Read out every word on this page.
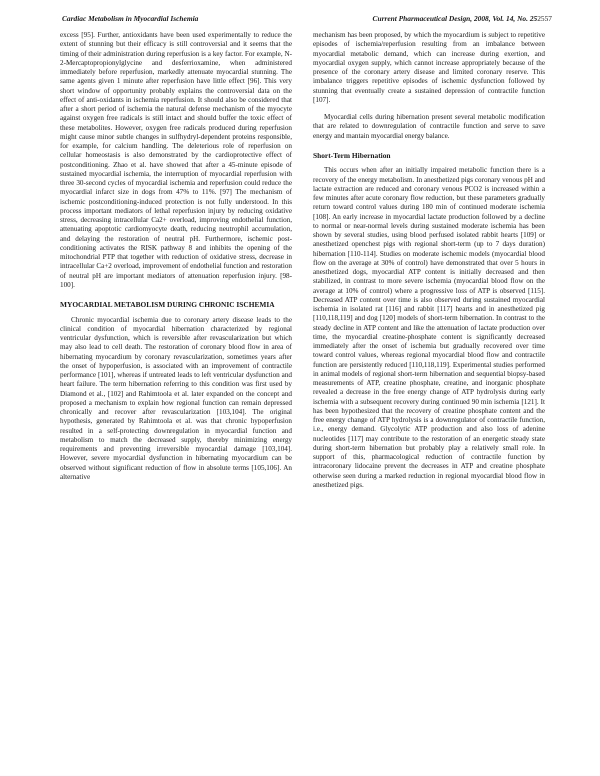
Cardiac Metabolism in Myocardial Ischemia	Current Pharmaceutical Design, 2008, Vol. 14, No. 252557

excess [95]. Further, antioxidants have been used experimentally to reduce the extent of stunning but their efficacy is still controversial and it seems that the timing of their administration during reperfusion is a key factor. For example, N-2-Mercaptopropionylglycine and desferrioxamine, when administered immediately before reperfusion, markedly attenuate myocardial stunning. The same agents given 1 minute after reperfusion have little effect [96]. This very short window of opportunity probably explains the controversial data on the effect of anti-oxidants in ischemia reperfusion. It should also be considered that after a short period of ischemia the natural defense mechanism of the myocyte against oxygen free radicals is still intact and should buffer the toxic effect of these metabolites. However, oxygen free radicals produced during reperfusion might cause minor subtle changes in sulfhydryl-dependent proteins responsible, for example, for calcium handling. The deleterious role of reperfusion on cellular homeostasis is also demonstrated by the cardioprotective effect of postconditioning. Zhao et al. have showed that after a 45-minute episode of sustained myocardial ischemia, the interruption of myocardial reperfusion with three 30-second cycles of myocardial ischemia and reperfusion could reduce the myocardial infarct size in dogs from 47% to 11%. [97] The mechanism of ischemic postconditioning-induced protection is not fully understood. In this process important mediators of lethal reperfusion injury by reducing oxidative stress, decreasing intracellular Ca2+ overload, improving endothelial function, attenuating apoptotic cardiomyocyte death, reducing neutrophil accumulation, and delaying the restoration of neutral pH. Furthermore, ischemic post-conditioning activates the RISK pathway 8 and inhibits the opening of the mitochondrial PTP that together with reduction of oxidative stress, decrease in intracellular Ca+2 overload, improvement of endothelial function and restoration of neutral pH are important mediators of attenuation reperfusion injury. [98-100].

MYOCARDIAL METABOLISM DURING CHRONIC ISCHEMIA

Chronic myocardial ischemia due to coronary artery disease leads to the clinical condition of myocardial hibernation characterized by regional ventricular dysfunction, which is reversible after revascularization but which may also lead to cell death. The restoration of coronary blood flow in area of hibernating myocardium by coronary revascularization, sometimes years after the onset of hypoperfusion, is associated with an improvement of contractile performance [101], whereas if untreated leads to left ventricular dysfunction and heart failure. The term hibernation referring to this condition was first used by Diamond et al., [102] and Rahimtoola et al. later expanded on the concept and proposed a mechanism to explain how regional function can remain depressed chronically and recover after revascularization [103,104]. The original hypothesis, generated by Rahimtoola et al. was that chronic hypoperfusion resulted in a self-protecting downregulation in myocardial function and metabolism to match the decreased supply, thereby minimizing energy requirements and preventing irreversible myocardial damage [103,104]. However, severe myocardial dysfunction in hibernating myocardium can be observed without significant reduction of flow in absolute terms [105,106]. An alternative

mechanism has been proposed, by which the myocardium is subject to repetitive episodes of ischemia/reperfusion resulting from an imbalance between myocardial metabolic demand, which can increase during exertion, and myocardial oxygen supply, which cannot increase appropriately because of the presence of the coronary artery disease and limited coronary reserve. This imbalance triggers repetitive episodes of ischemic dysfunction followed by stunning that eventually create a sustained depression of contractile function [107].

Myocardial cells during hibernation present several metabolic modification that are related to downregulation of contractile function and serve to save energy and mantain myocardial energy balance.

Short-Term Hibernation

This occurs when after an initially impaired metabolic function there is a recovery of the energy metabolism. In anesthetized pigs coronary venous pH and lactate extraction are reduced and coronary venous PCO2 is increased within a few minutes after acute coronary flow reduction, but these parameters gradually return toward control values during 180 min of continued moderate ischemia [108]. An early increase in myocardial lactate production followed by a decline to normal or near-normal levels during sustained moderate ischemia has been shown by several studies, using blood perfused isolated rabbit hearts [109] or anesthetized openchest pigs with regional short-term (up to 7 days duration) hibernation [110-114]. Studies on moderate ischemic models (myocardial blood flow on the average at 30% of control) have demonstrated that over 5 hours in anesthetized dogs, myocardial ATP content is initially decreased and then stabilized, in contrast to more severe ischemia (myocardial blood flow on the average at 10% of control) where a progressive loss of ATP is observed [115]. Decreased ATP content over time is also observed during sustained myocardial ischemia in isolated rat [116] and rabbit [117] hearts and in anesthetized pig [110,118,119] and dog [120] models of short-term hibernation. In contrast to the steady decline in ATP content and like the attenuation of lactate production over time, the myocardial creatine-phosphate content is significantly decreased immediately after the onset of ischemia but gradually recovered over time toward control values, whereas regional myocardial blood flow and contractile function are persistently reduced [110,118,119]. Experimental studies performed in animal models of regional short-term hibernation and sequential biopsy-based measurements of ATP, creatine phosphate, creatine, and inorganic phosphate revealed a decrease in the free energy change of ATP hydrolysis during early ischemia with a subsequent recovery during continued 90 min ischemia [121]. It has been hypothesized that the recovery of creatine phosphate content and the free energy change of ATP hydrolysis is a downregulator of contractile function, i.e., energy demand. Glycolytic ATP production and also loss of adenine nucleotides [117] may contribute to the restoration of an energetic steady state during short-term hibernation but probably play a relatively small role. In support of this, pharmacological reduction of contractile function by intracoronary lidocaine prevent the decreases in ATP and creatine phosphate otherwise seen during a marked reduction in regional myocardial blood flow in anesthetized pigs.
